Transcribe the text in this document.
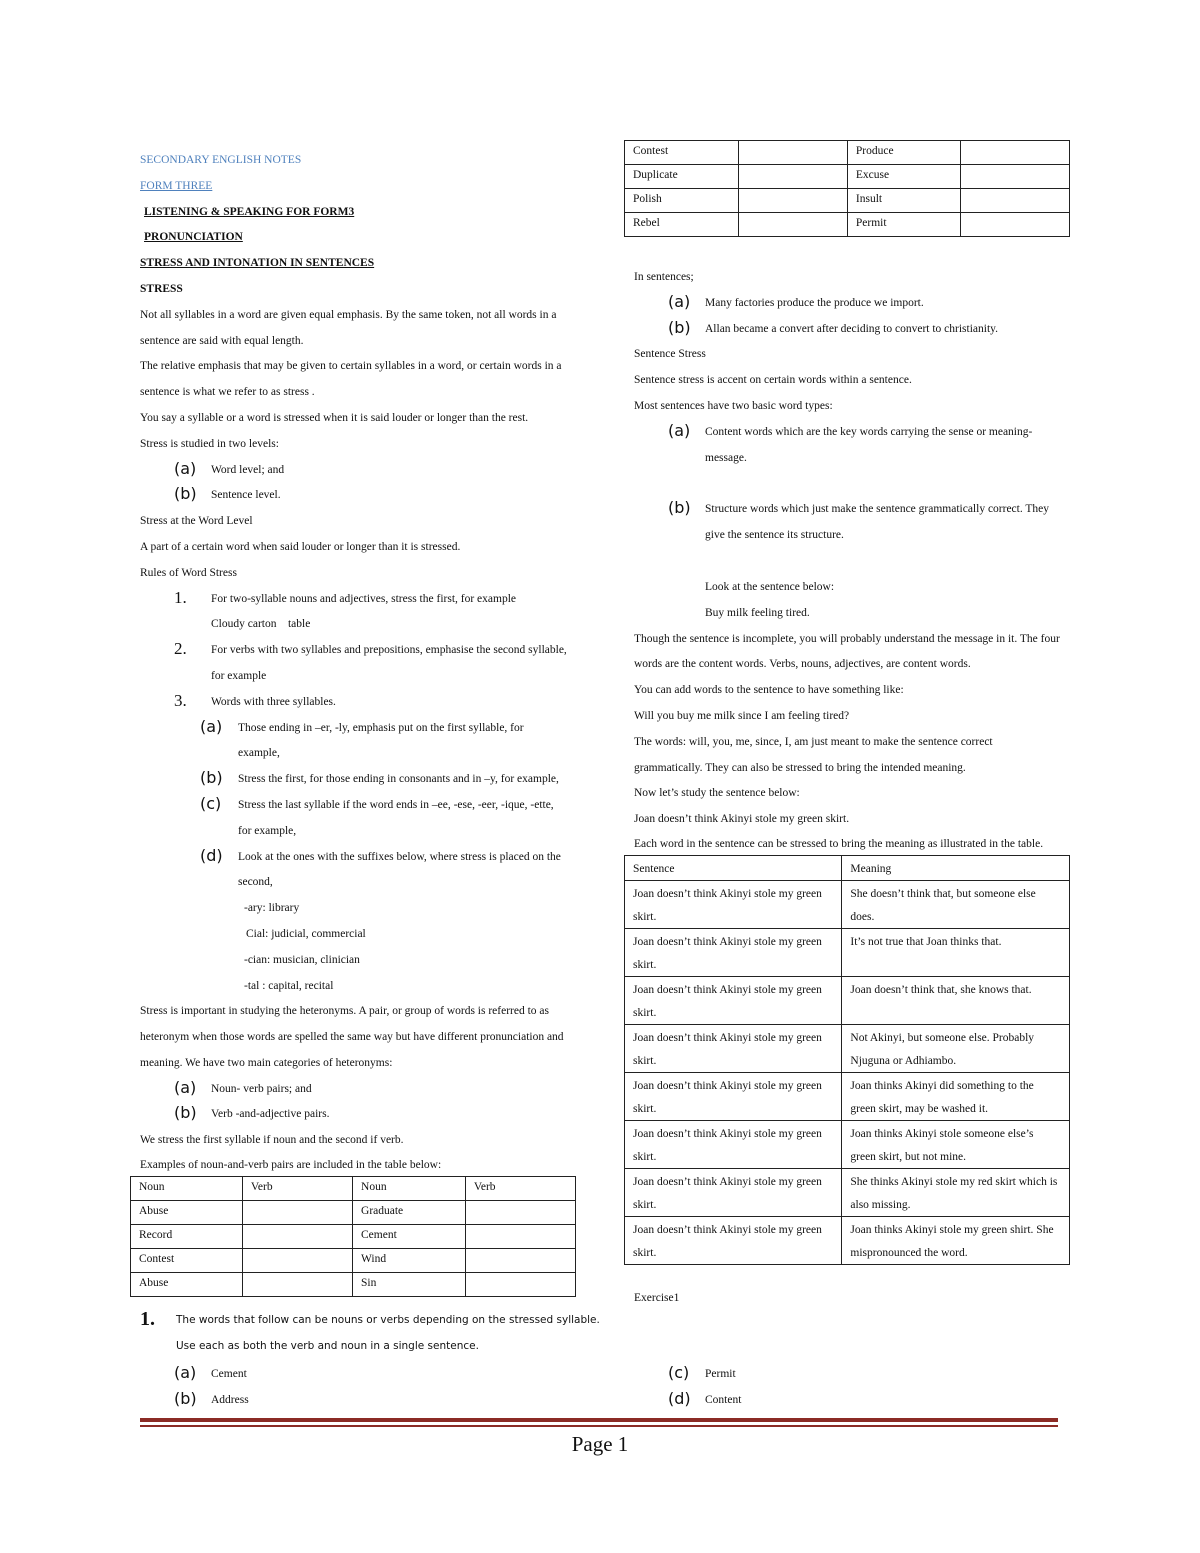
SECONDARY ENGLISH NOTES
FORM THREE
LISTENING & SPEAKING FOR FORM3
PRONUNCIATION
STRESS AND INTONATION IN SENTENCES
STRESS
Not all syllables in a word are given equal emphasis. By the same token, not all words in a
sentence are said with equal length.
The relative emphasis that may be given to certain syllables in a word, or certain words in a
sentence is what we refer to as stress .
You say a syllable or a word is stressed when it is said louder or longer than the rest.
Stress is studied in two levels:
(a)	Word level; and
(b)	Sentence level.
Stress at the Word Level
A part of a certain word when said louder or longer than it is stressed.
Rules of Word Stress
1.	For two-syllable nouns and adjectives, stress the first, for example
Cloudy carton    table
2.	For verbs with two syllables and prepositions, emphasise the second syllable,
for example
3.	Words with three syllables.
(a)	Those ending in –er, -ly, emphasis put on the first syllable, for
example,
(b)	Stress the first, for those ending in consonants and in –y, for example,
(c)	Stress the last syllable if the word ends in –ee, -ese, -eer, -ique, -ette,
for example,
(d)	Look at the ones with the suffixes below, where stress is placed on the
second,
-ary: library
Cial: judicial, commercial
-cian: musician, clinician
-tal : capital, recital
Stress is important in studying the heteronyms. A pair, or group of words is referred to as
heteronym when those words are spelled the same way but have different pronunciation and
meaning. We have two main categories of heteronyms:
(a)	Noun- verb pairs; and
(b)	Verb -and-adjective pairs.
We stress the first syllable if noun and the second if verb.
Examples of noun-and-verb pairs are included in the table below:
Noun	Verb	Noun	Verb
Abuse		Graduate	
Record		Cement	
Contest		Wind	
Abuse		Sin	
Contest		Produce	
Duplicate		Excuse	
Polish		Insult	
Rebel		Permit	
In sentences;
(a)	Many factories produce the produce we import.
(b)	Allan became a convert after deciding to convert to christianity.
Sentence Stress
Sentence stress is accent on certain words within a sentence.
Most sentences have two basic word types:
(a)	Content words which are the key words carrying the sense or meaning-
message.
(b)	Structure words which just make the sentence grammatically correct. They
give the sentence its structure.
Look at the sentence below:
Buy milk feeling tired.
Though the sentence is incomplete, you will probably understand the message in it. The four
words are the content words. Verbs, nouns, adjectives, are content words.
You can add words to the sentence to have something like:
Will you buy me milk since I am feeling tired?
The words: will, you, me, since, I, am just meant to make the sentence correct
grammatically. They can also be stressed to bring the intended meaning.
Now let’s study the sentence below:
Joan doesn’t think Akinyi stole my green skirt.
Each word in the sentence can be stressed to bring the meaning as illustrated in the table.
Sentence	Meaning
Joan doesn’t think Akinyi stole my green skirt.	She doesn’t think that, but someone else does.
Joan doesn’t think Akinyi stole my green skirt.	It’s not true that Joan thinks that.
Joan doesn’t think Akinyi stole my green skirt.	Joan doesn’t think that, she knows that.
Joan doesn’t think Akinyi stole my green skirt.	Not Akinyi, but someone else. Probably Njuguna or Adhiambo.
Joan doesn’t think Akinyi stole my green skirt.	Joan thinks Akinyi did something to the green skirt, may be washed it.
Joan doesn’t think Akinyi stole my green skirt.	Joan thinks Akinyi stole someone else’s green skirt, but not mine.
Joan doesn’t think Akinyi stole my green skirt.	She thinks Akinyi stole my red skirt which is also missing.
Joan doesn’t think Akinyi stole my green skirt.	Joan thinks Akinyi stole my green shirt. She mispronounced the word.
Exercise1
1.	The words that follow can be nouns or verbs depending on the stressed syllable.
Use each as both the verb and noun in a single sentence.
(a)	Cement
(b)	Address
(c)	Permit
(d)	Content
Page 1
